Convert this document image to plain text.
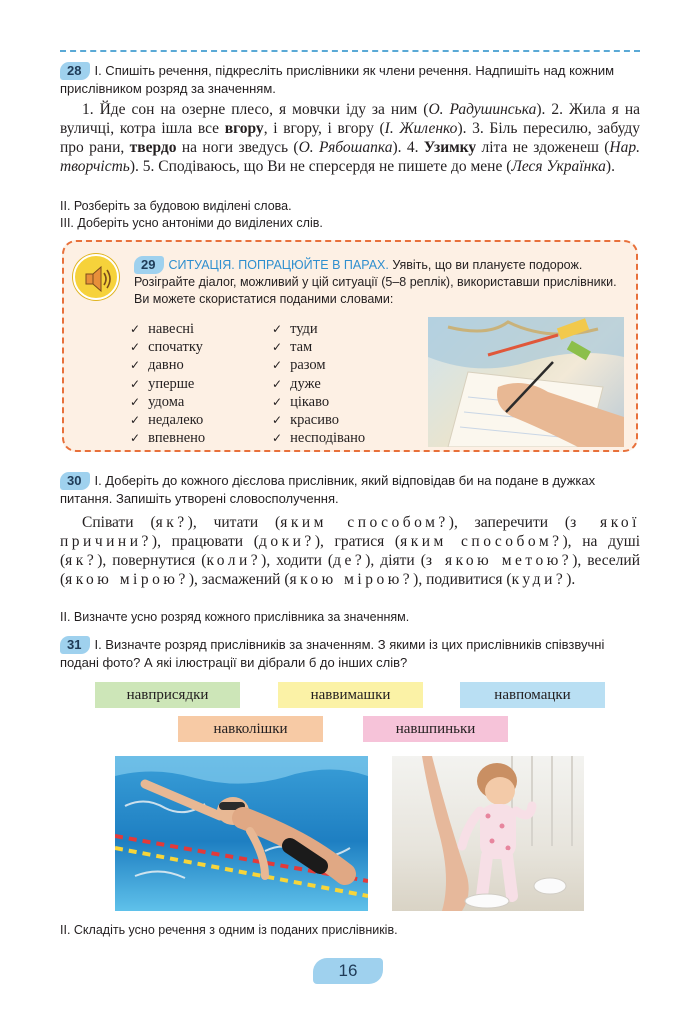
28 І. Спишіть речення, підкресліть прислівники як члени речення. Надпишіть над кожним прислівником розряд за значенням.

1. Йде сон на озерне плесо, я мовчки іду за ним (О. Радушинська). 2. Жила я на вуличці, котра ішла все вгору, і вгору, і вгору (І. Жиленко). 3. Біль пересилю, забуду про рани, твердо на ноги зведусь (О. Рябошапка). 4. Узимку літа не здоженеш (Нар. творчість). 5. Сподіваюсь, що Ви не сперсердя не пишете до мене (Леся Українка).

ІІ. Розберіть за будовою виділені слова.
ІІІ. Доберіть усно антоніми до виділених слів.
29 СИТУАЦІЯ. ПОПРАЦЮЙТЕ В ПАРАХ. Уявіть, що ви плануєте подорож. Розіграйте діалог, можливий у цій ситуації (5–8 реплік), використавши прислівники. Ви можете скористатися поданими словами:
✓ навесні
✓ спочатку
✓ давно
✓ уперше
✓ удома
✓ недалеко
✓ впевнено
✓ туди
✓ там
✓ разом
✓ дуже
✓ цікаво
✓ красиво
✓ несподівано
30 І. Доберіть до кожного дієслова прислівник, який відповідав би на подане в дужках питання. Запишіть утворені словосполучення.

Співати (як?), читати (яким способом?), заперечити (з якої причини?), працювати (доки?), гратися (яким способом?), на душі (як?), повернутися (коли?), ходити (де?), діяти (з якою метою?), веселий (якою мірою?), засмажений (якою мірою?), подивитися (куди?).

ІІ. Визначте усно розряд кожного прислівника за значенням.
31 І. Визначте розряд прислівників за значенням. З якими із цих прислівників співзвучні подані фото? А які ілюстрації ви дібрали б до інших слів?
навприсядки	наввимашки	навпомацки
навколішки	навшпиньки
ІІ. Складіть усно речення з одним із поданих прислівників.
16
